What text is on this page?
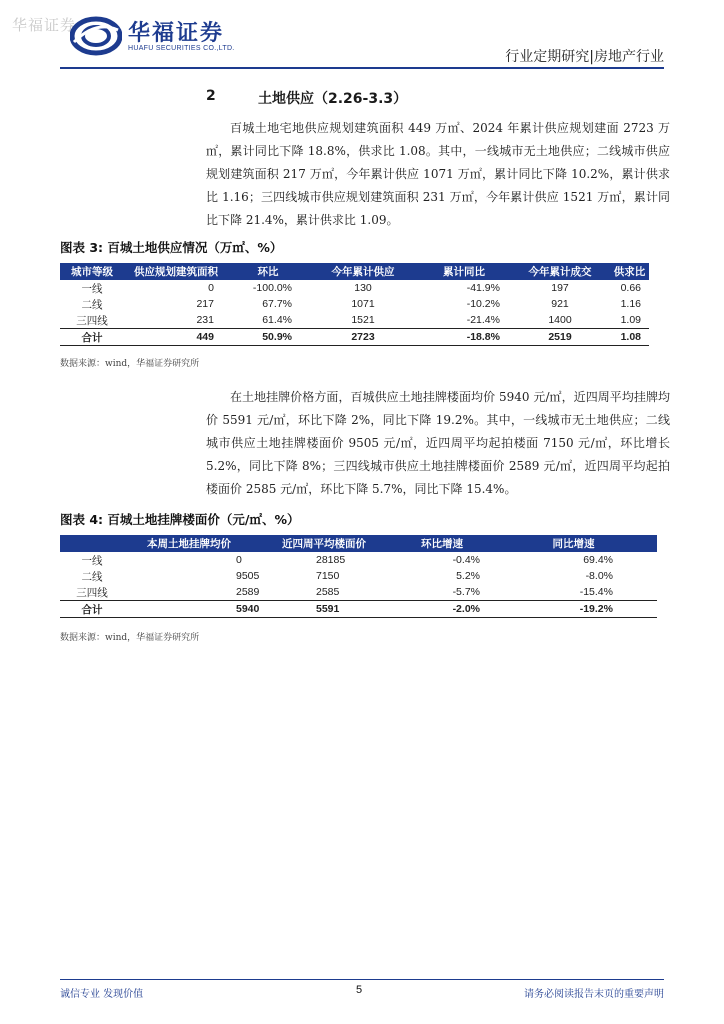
华福证券 华福证券
HUAFU SECURITIES CO.,LTD.
行业定期研究|房地产行业
2	土地供应（2.26-3.3）
百城土地宅地供应规划建筑面积 449 万㎡、2024 年累计供应规划建面 2723 万㎡，累计同比下降 18.8%，供求比 1.08。其中，一线城市无土地供应；二线城市供应规划建筑面积 217 万㎡，今年累计供应 1071 万㎡，累计同比下降 10.2%，累计供求比 1.16；三四线城市供应规划建筑面积 231 万㎡，今年累计供应 1521 万㎡，累计同比下降 21.4%，累计供求比 1.09。
图表 3: 百城土地供应情况（万㎡、%）
城市等级	供应规划建筑面积	环比	今年累计供应	累计同比	今年累计成交	供求比
一线	0	-100.0%	130	-41.9%	197	0.66
二线	217	67.7%	1071	-10.2%	921	1.16
三四线	231	61.4%	1521	-21.4%	1400	1.09
合计	449	50.9%	2723	-18.8%	2519	1.08
数据来源：wind，华福证券研究所
在土地挂牌价格方面，百城供应土地挂牌楼面均价 5940 元/㎡，近四周平均挂牌均价 5591 元/㎡，环比下降 2%，同比下降 19.2%。其中，一线城市无土地供应；二线城市供应土地挂牌楼面价 9505 元/㎡，近四周平均起拍楼面 7150 元/㎡，环比增长 5.2%，同比下降 8%；三四线城市供应土地挂牌楼面价 2589 元/㎡，近四周平均起拍楼面价 2585 元/㎡，环比下降 5.7%，同比下降 15.4%。
图表 4: 百城土地挂牌楼面价（元/㎡、%）
	本周土地挂牌均价	近四周平均楼面价	环比增速	同比增速
一线	0	28185	-0.4%	69.4%
二线	9505	7150	5.2%	-8.0%
三四线	2589	2585	-5.7%	-15.4%
合计	5940	5591	-2.0%	-19.2%
数据来源：wind，华福证券研究所
诚信专业 发现价值	5	请务必阅读报告末页的重要声明
